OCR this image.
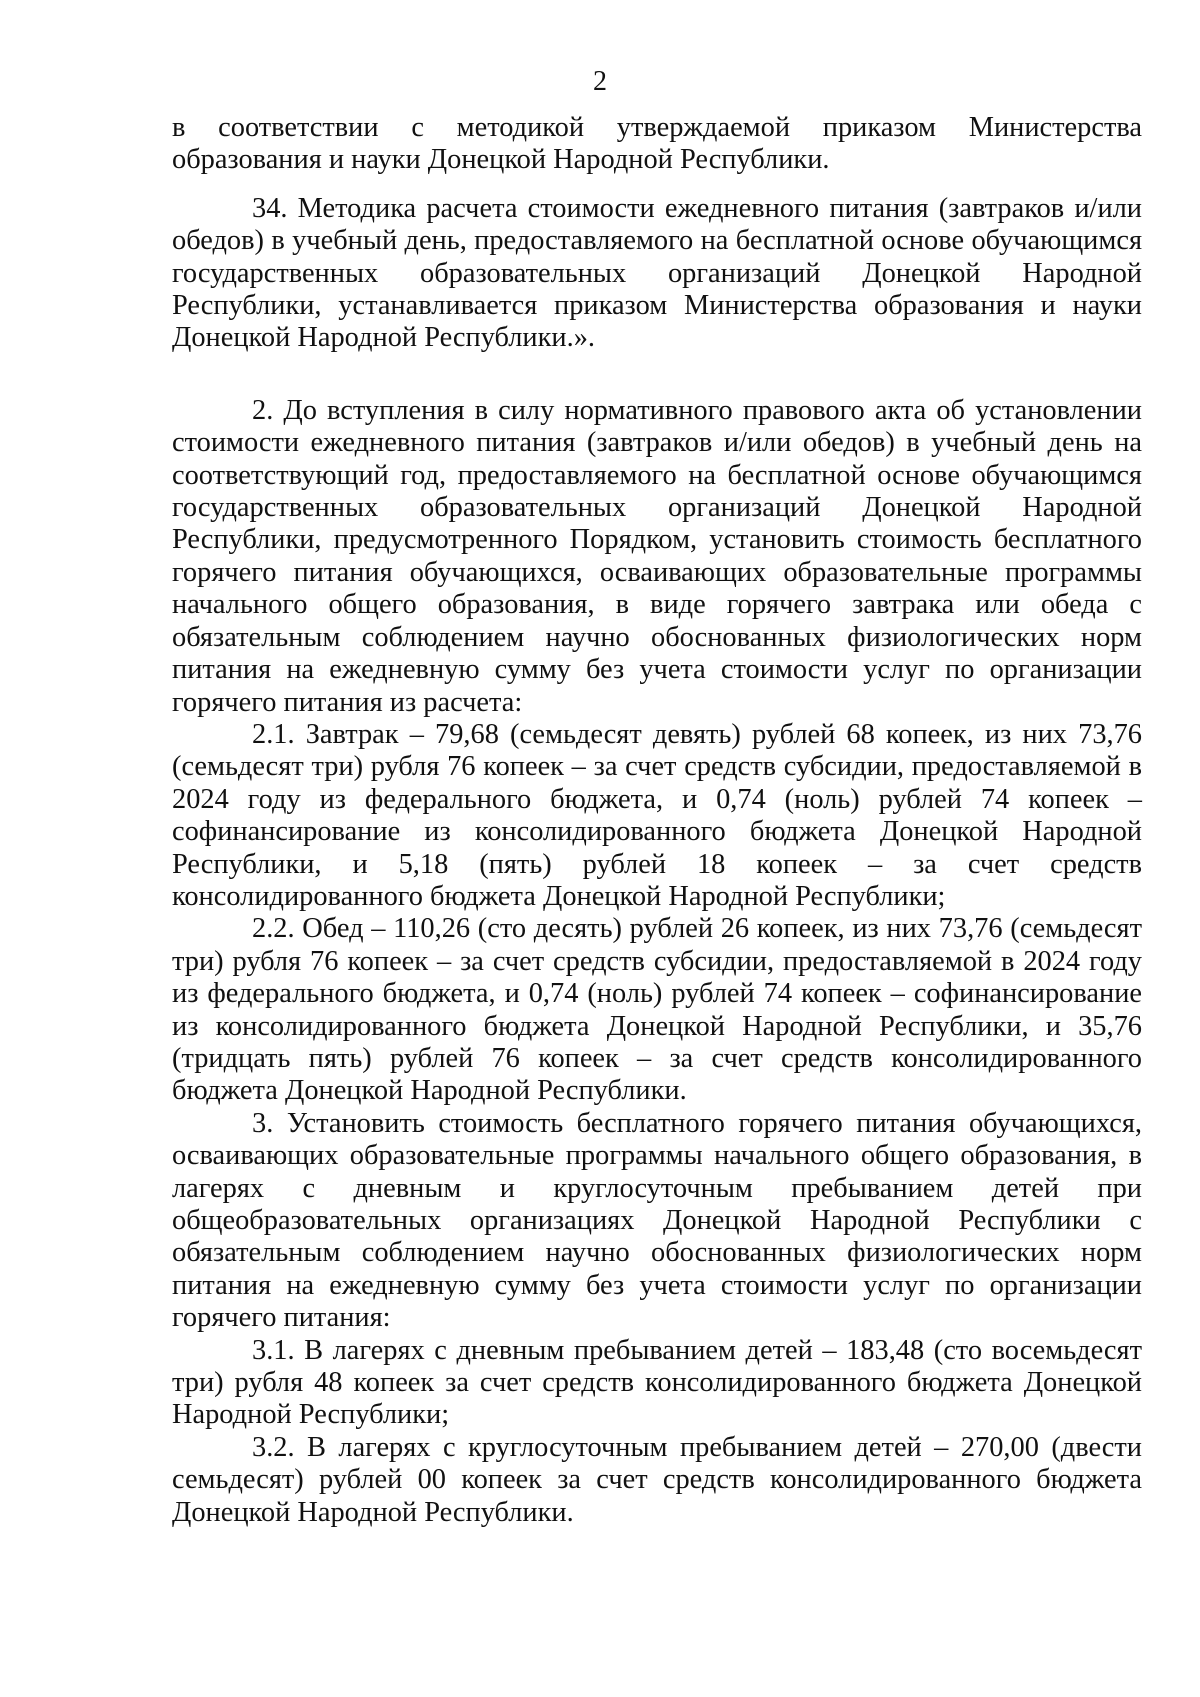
2

в соответствии с методикой утверждаемой приказом Министерства образования и науки Донецкой Народной Республики.

34. Методика расчета стоимости ежедневного питания (завтраков и/или обедов) в учебный день, предоставляемого на бесплатной основе обучающимся государственных образовательных организаций Донецкой Народной Республики, устанавливается приказом Министерства образования и науки Донецкой Народной Республики.».

2. До вступления в силу нормативного правового акта об установлении стоимости ежедневного питания (завтраков и/или обедов) в учебный день на соответствующий год, предоставляемого на бесплатной основе обучающимся государственных образовательных организаций Донецкой Народной Республики, предусмотренного Порядком, установить стоимость бесплатного горячего питания обучающихся, осваивающих образовательные программы начального общего образования, в виде горячего завтрака или обеда с обязательным соблюдением научно обоснованных физиологических норм питания на ежедневную сумму без учета стоимости услуг по организации горячего питания из расчета:

2.1. Завтрак – 79,68 (семьдесят девять) рублей 68 копеек, из них 73,76 (семьдесят три) рубля 76 копеек – за счет средств субсидии, предоставляемой в 2024 году из федерального бюджета, и 0,74 (ноль) рублей 74 копеек – софинансирование из консолидированного бюджета Донецкой Народной Республики, и 5,18 (пять) рублей 18 копеек – за счет средств консолидированного бюджета Донецкой Народной Республики;

2.2. Обед – 110,26 (сто десять) рублей 26 копеек, из них 73,76 (семьдесят три) рубля 76 копеек – за счет средств субсидии, предоставляемой в 2024 году из федерального бюджета, и 0,74 (ноль) рублей 74 копеек – софинансирование из консолидированного бюджета Донецкой Народной Республики, и 35,76 (тридцать пять) рублей 76 копеек – за счет средств консолидированного бюджета Донецкой Народной Республики.

3. Установить стоимость бесплатного горячего питания обучающихся, осваивающих образовательные программы начального общего образования, в лагерях с дневным и круглосуточным пребыванием детей при общеобразовательных организациях Донецкой Народной Республики с обязательным соблюдением научно обоснованных физиологических норм питания на ежедневную сумму без учета стоимости услуг по организации горячего питания:

3.1. В лагерях с дневным пребыванием детей – 183,48 (сто восемьдесят три) рубля 48 копеек за счет средств консолидированного бюджета Донецкой Народной Республики;

3.2. В лагерях с круглосуточным пребыванием детей – 270,00 (двести семьдесят) рублей 00 копеек за счет средств консолидированного бюджета Донецкой Народной Республики.
